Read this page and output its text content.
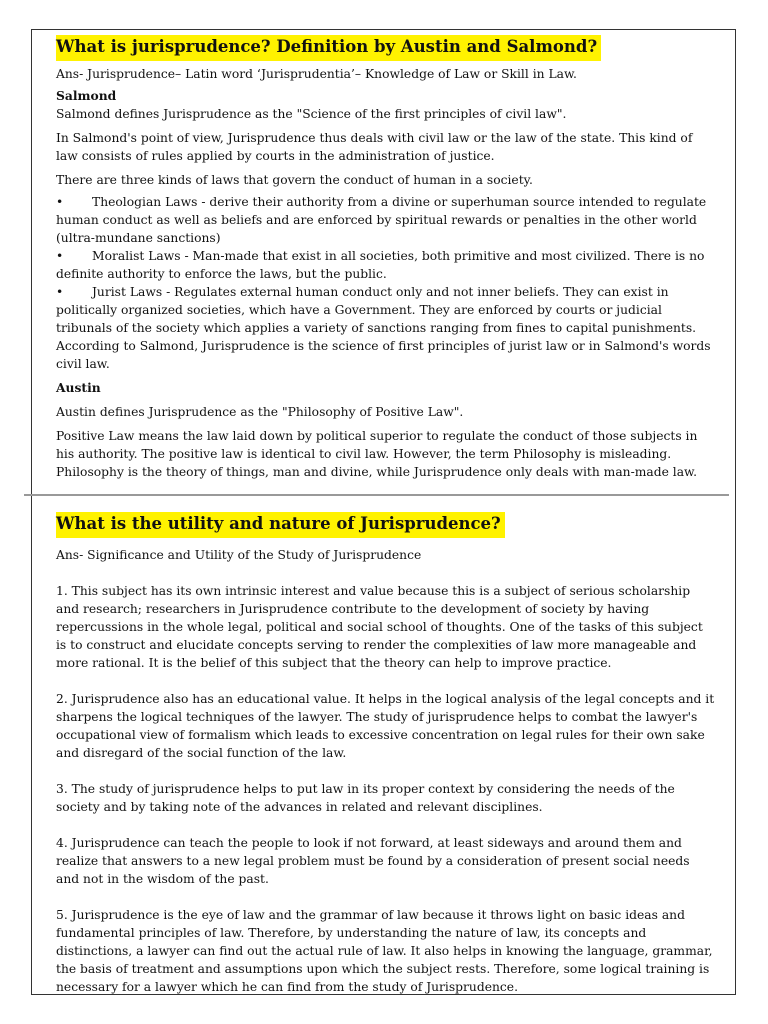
What is jurisprudence? Definition by Austin and Salmond?

Ans- Jurisprudence– Latin word ‘Jurisprudentia’– Knowledge of Law or Skill in Law.

Salmond

Salmond defines Jurisprudence as the "Science of the first principles of civil law".

In Salmond's point of view, Jurisprudence thus deals with civil law or the law of the state. This kind of law consists of rules applied by courts in the administration of justice.

There are three kinds of laws that govern the conduct of human in a society.

• Theologian Laws - derive their authority from a divine or superhuman source intended to regulate human conduct as well as beliefs and are enforced by spiritual rewards or penalties in the other world (ultra-mundane sanctions)

• Moralist Laws - Man-made that exist in all societies, both primitive and most civilized. There is no definite authority to enforce the laws, but the public.

• Jurist Laws - Regulates external human conduct only and not inner beliefs. They can exist in politically organized societies, which have a Government. They are enforced by courts or judicial tribunals of the society which applies a variety of sanctions ranging from fines to capital punishments.

According to Salmond, Jurisprudence is the science of first principles of jurist law or in Salmond's words civil law.

Austin

Austin defines Jurisprudence as the "Philosophy of Positive Law".

Positive Law means the law laid down by political superior to regulate the conduct of those subjects in his authority. The positive law is identical to civil law. However, the term Philosophy is misleading. Philosophy is the theory of things, man and divine, while Jurisprudence only deals with man-made law.

What is the utility and nature of Jurisprudence?

Ans- Significance and Utility of the Study of Jurisprudence

1. This subject has its own intrinsic interest and value because this is a subject of serious scholarship and research; researchers in Jurisprudence contribute to the development of society by having repercussions in the whole legal, political and social school of thoughts. One of the tasks of this subject is to construct and elucidate concepts serving to render the complexities of law more manageable and more rational. It is the belief of this subject that the theory can help to improve practice.

2. Jurisprudence also has an educational value. It helps in the logical analysis of the legal concepts and it sharpens the logical techniques of the lawyer. The study of jurisprudence helps to combat the lawyer's occupational view of formalism which leads to excessive concentration on legal rules for their own sake and disregard of the social function of the law.

3. The study of jurisprudence helps to put law in its proper context by considering the needs of the society and by taking note of the advances in related and relevant disciplines.

4. Jurisprudence can teach the people to look if not forward, at least sideways and around them and realize that answers to a new legal problem must be found by a consideration of present social needs and not in the wisdom of the past.

5. Jurisprudence is the eye of law and the grammar of law because it throws light on basic ideas and fundamental principles of law. Therefore, by understanding the nature of law, its concepts and distinctions, a lawyer can find out the actual rule of law. It also helps in knowing the language, grammar, the basis of treatment and assumptions upon which the subject rests. Therefore, some logical training is necessary for a lawyer which he can find from the study of Jurisprudence.
